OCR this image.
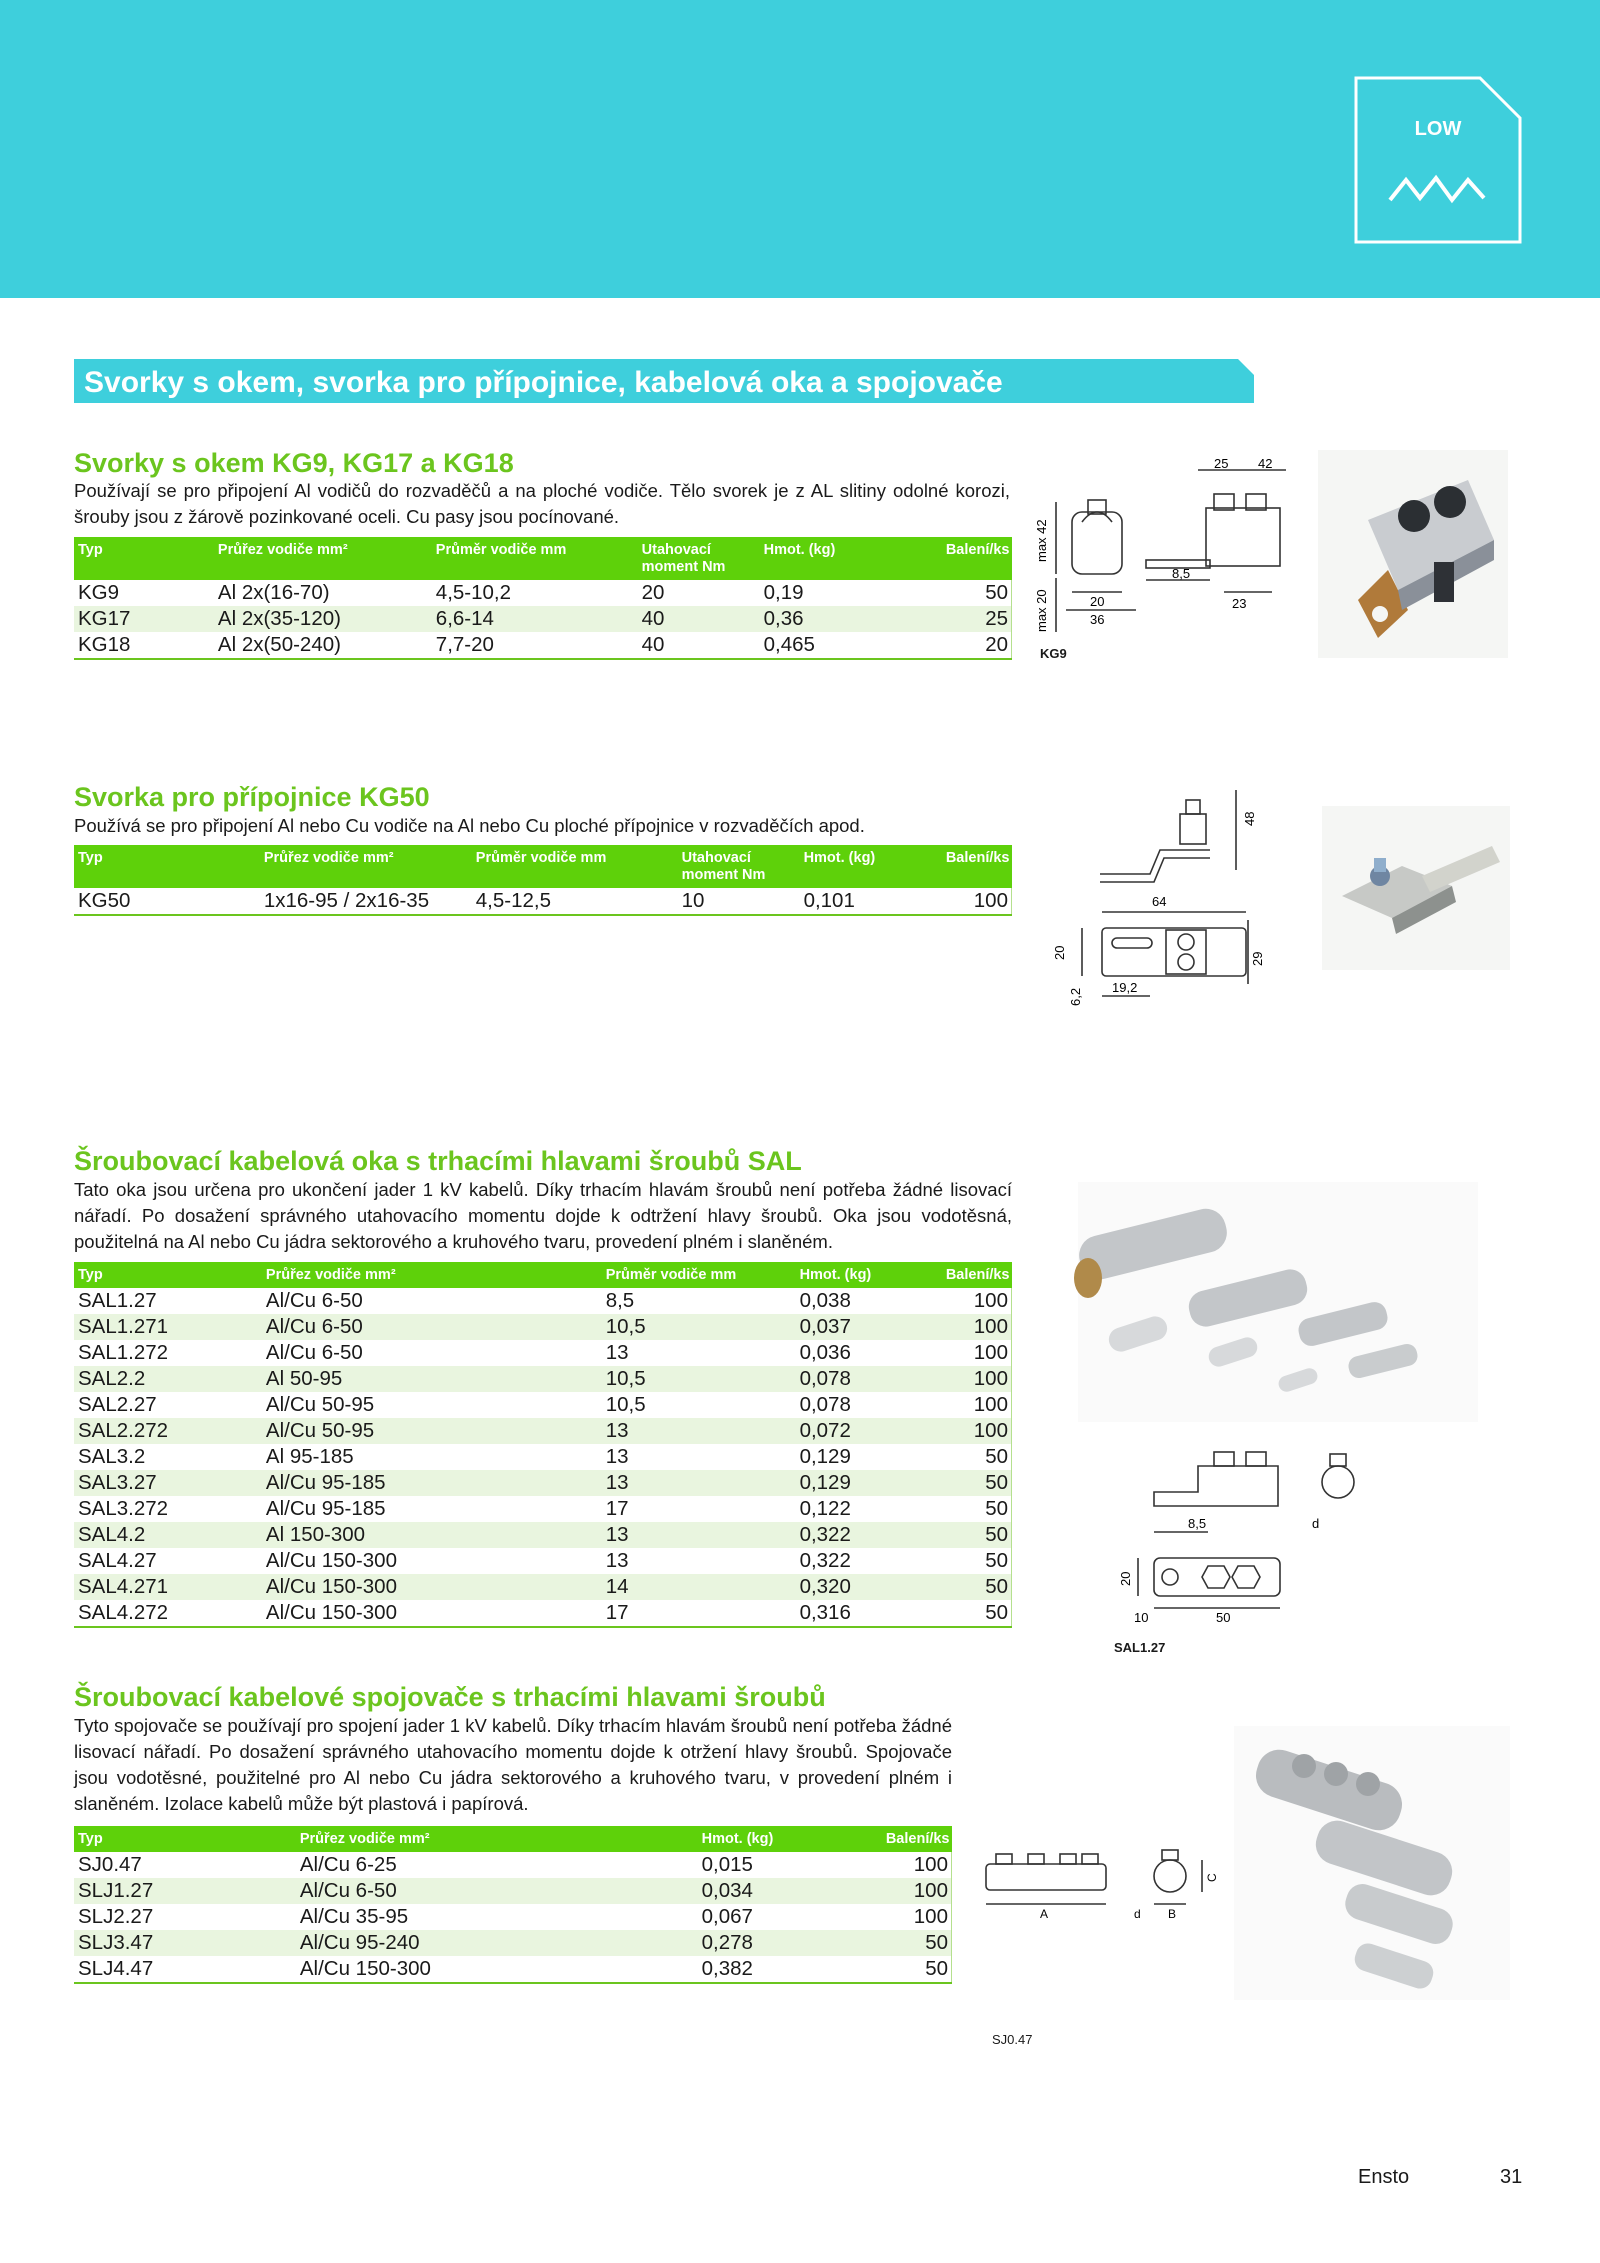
LOW
Svorky s okem, svorka pro přípojnice, kabelová oka a spojovače
Svorky s okem KG9, KG17 a KG18
Používají se pro připojení Al vodičů do rozvaděčů a na ploché vodiče. Tělo svorek je z AL slitiny odolné korozi, šrouby jsou z žárově pozinkované oceli. Cu pasy jsou pocínované.
Typ	Průřez vodiče mm²	Průměr vodiče mm	Utahovací moment Nm	Hmot. (kg)	Balení/ks
KG9	Al 2x(16-70)	4,5-10,2	20	0,19	50
KG17	Al 2x(35-120)	6,6-14	40	0,36	25
KG18	Al 2x(50-240)	7,7-20	40	0,465	20
max 42
max 20	20
36
25 42
8,5
23
KG9
Svorka pro přípojnice KG50
Používá se pro připojení Al nebo Cu vodiče na Al nebo Cu ploché přípojnice v rozvaděčích apod.
Typ	Průřez vodiče mm²	Průměr vodiče mm	Utahovací moment Nm	Hmot. (kg)	Balení/ks
KG50	1x16-95 / 2x16-35	4,5-12,5	10	0,101	100
48
64
20	29
6,2
19,2
Šroubovací kabelová oka s trhacími hlavami šroubů SAL
Tato oka jsou určena pro ukončení jader 1 kV kabelů. Díky trhacím hlavám šroubů není potřeba žádné lisovací nářadí. Po dosažení správného utahovacího momentu dojde k odtržení hlavy šroubů. Oka jsou vodotěsná, použitelná na Al nebo Cu jádra sektorového a kruhového tvaru, provedení plném i slaněném.
Typ	Průřez vodiče mm²	Průměr vodiče mm	Hmot. (kg)	Balení/ks
SAL1.27	Al/Cu 6-50	8,5	0,038	100
SAL1.271	Al/Cu 6-50	10,5	0,037	100
SAL1.272	Al/Cu 6-50	13	0,036	100
SAL2.2	Al 50-95	10,5	0,078	100
SAL2.27	Al/Cu 50-95	10,5	0,078	100
SAL2.272	Al/Cu 50-95	13	0,072	100
SAL3.2	Al 95-185	13	0,129	50
SAL3.27	Al/Cu 95-185	13	0,129	50
SAL3.272	Al/Cu 95-185	17	0,122	50
SAL4.2	Al 150-300	13	0,322	50
SAL4.27	Al/Cu 150-300	13	0,322	50
SAL4.271	Al/Cu 150-300	14	0,320	50
SAL4.272	Al/Cu 150-300	17	0,316	50
8,5	d
20
10	50
SAL1.27
Šroubovací kabelové spojovače s trhacími hlavami šroubů
Tyto spojovače se používají pro spojení jader 1 kV kabelů. Díky trhacím hlavám šroubů není potřeba žádné lisovací nářadí. Po dosažení správného utahovacího momentu dojde k otržení hlavy šroubů. Spojovače jsou vodotěsné, použitelné pro Al nebo Cu jádra sektorového a kruhového tvaru, v provedení plném i slaněném. Izolace kabelů může být plastová i papírová.
Typ	Průřez vodiče mm²	Hmot. (kg)	Balení/ks
SJ0.47	Al/Cu 6-25	0,015	100
SLJ1.27	Al/Cu 6-50	0,034	100
SLJ2.27	Al/Cu 35-95	0,067	100
SLJ3.47	Al/Cu 95-240	0,278	50
SLJ4.47	Al/Cu 150-300	0,382	50
A	d B
C
SJ0.47
Ensto	31
